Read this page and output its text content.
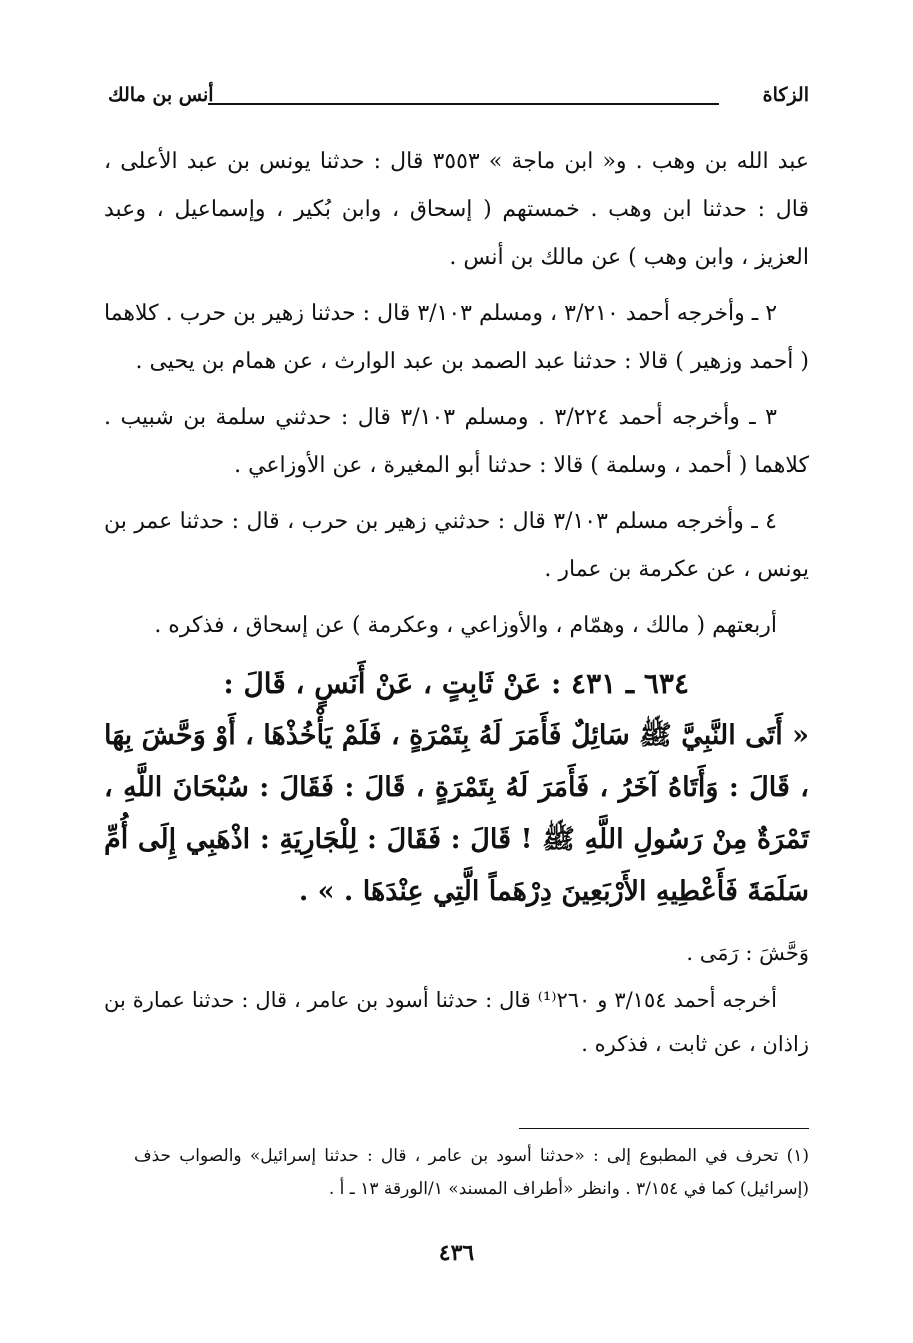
الزكاة
أنس بن مالك

عبد الله بن وهب . و« ابن ماجة » ٣٥٥٣ قال : حدثنا يونس بن عبد الأعلى ، قال : حدثنا ابن وهب . خمستهم ( إسحاق ، وابن بُكير ، وإسماعيل ، وعبد العزيز ، وابن وهب ) عن مالك بن أنس .

٢ ـ وأخرجه أحمد ٣/٢١٠ ، ومسلم ٣/١٠٣ قال : حدثنا زهير بن حرب . كلاهما ( أحمد وزهير ) قالا : حدثنا عبد الصمد بن عبد الوارث ، عن همام بن يحيى .

٣ ـ وأخرجه أحمد ٣/٢٢٤ . ومسلم ٣/١٠٣ قال : حدثني سلمة بن شبيب . كلاهما ( أحمد ، وسلمة ) قالا : حدثنا أبو المغيرة ، عن الأوزاعي .

٤ ـ وأخرجه مسلم ٣/١٠٣ قال : حدثني زهير بن حرب ، قال : حدثنا عمر بن يونس ، عن عكرمة بن عمار .

أربعتهم ( مالك ، وهمّام ، والأوزاعي ، وعكرمة ) عن إسحاق ، فذكره .

٦٣٤ ـ ٤٣١ : عَنْ ثَابِتٍ ، عَنْ أَنَسٍ ، قَالَ :

« أَتَى النَّبِيَّ ﷺ سَائِلٌ فَأَمَرَ لَهُ بِتَمْرَةٍ ، فَلَمْ يَأْخُذْهَا ، أَوْ وَحَّشَ بِهَا ، قَالَ : وَأَتَاهُ آخَرُ ، فَأَمَرَ لَهُ بِتَمْرَةٍ ، قَالَ : فَقَالَ : سُبْحَانَ اللَّهِ ، تَمْرَةٌ مِنْ رَسُولِ اللَّهِ ﷺ ! قَالَ : فَقَالَ : لِلْجَارِيَةِ : اذْهَبِي إِلَى أُمِّ سَلَمَةَ فَأَعْطِيهِ الأَرْبَعِينَ دِرْهَماً الَّتِي عِنْدَهَا . » .

وَحَّشَ : رَمَى .

أخرجه أحمد ٣/١٥٤ و ٢٦٠⁽¹⁾ قال : حدثنا أسود بن عامر ، قال : حدثنا عمارة بن زاذان ، عن ثابت ، فذكره .

(١) تحرف في المطبوع إلى : «حدثنا أسود بن عامر ، قال : حدثنا إسرائيل» والصواب حذف (إسرائيل) كما في ٣/١٥٤ . وانظر «أطراف المسند» ١/الورقة ١٣ ـ أ .
٤٣٦
